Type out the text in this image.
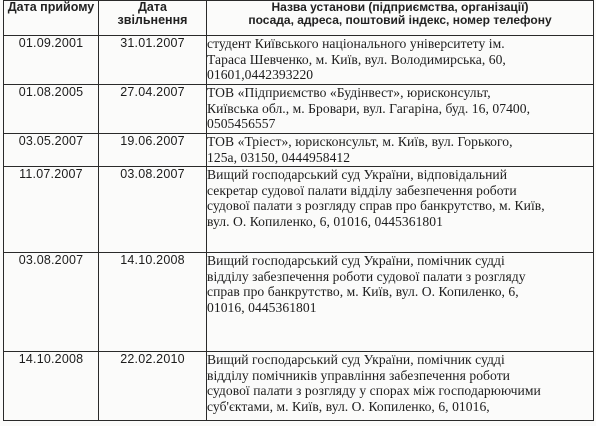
Дата прийому	Дата
звільнення	Назва установи (підприємства, організації)
посада, адреса, поштовий індекс, номер телефону

01.09.2001	31.01.2007	студент Київського національного університету ім.
Тараса Шевченко, м. Київ, вул. Володимирська, 60,
01601,0442393220

01.08.2005	27.04.2007	ТОВ «Підприємство «Будінвест», юрисконсульт,
Київська обл., м. Бровари, вул. Гагаріна, буд. 16, 07400,
0505456557

03.05.2007	19.06.2007	ТОВ «Тріест», юрисконсульт, м. Київ, вул. Горького,
125а, 03150, 0444958412

11.07.2007	03.08.2007	Вищий господарський суд України, відповідальний
секретар судової палати відділу забезпечення роботи
судової палати з розгляду справ про банкрутство, м. Київ,
вул. О. Копиленко, 6, 01016, 0445361801

03.08.2007	14.10.2008	Вищий господарський суд України, помічник судді
відділу забезпечення роботи судової палати з розгляду
справ про банкрутство, м. Київ, вул. О. Копиленко, 6,
01016, 0445361801

14.10.2008	22.02.2010	Вищий господарський суд України, помічник судді
відділу помічників управління забезпечення роботи
судової палати з розгляду у спорах між господарюючими
суб'єктами, м. Київ, вул. О. Копиленко, 6, 01016,
